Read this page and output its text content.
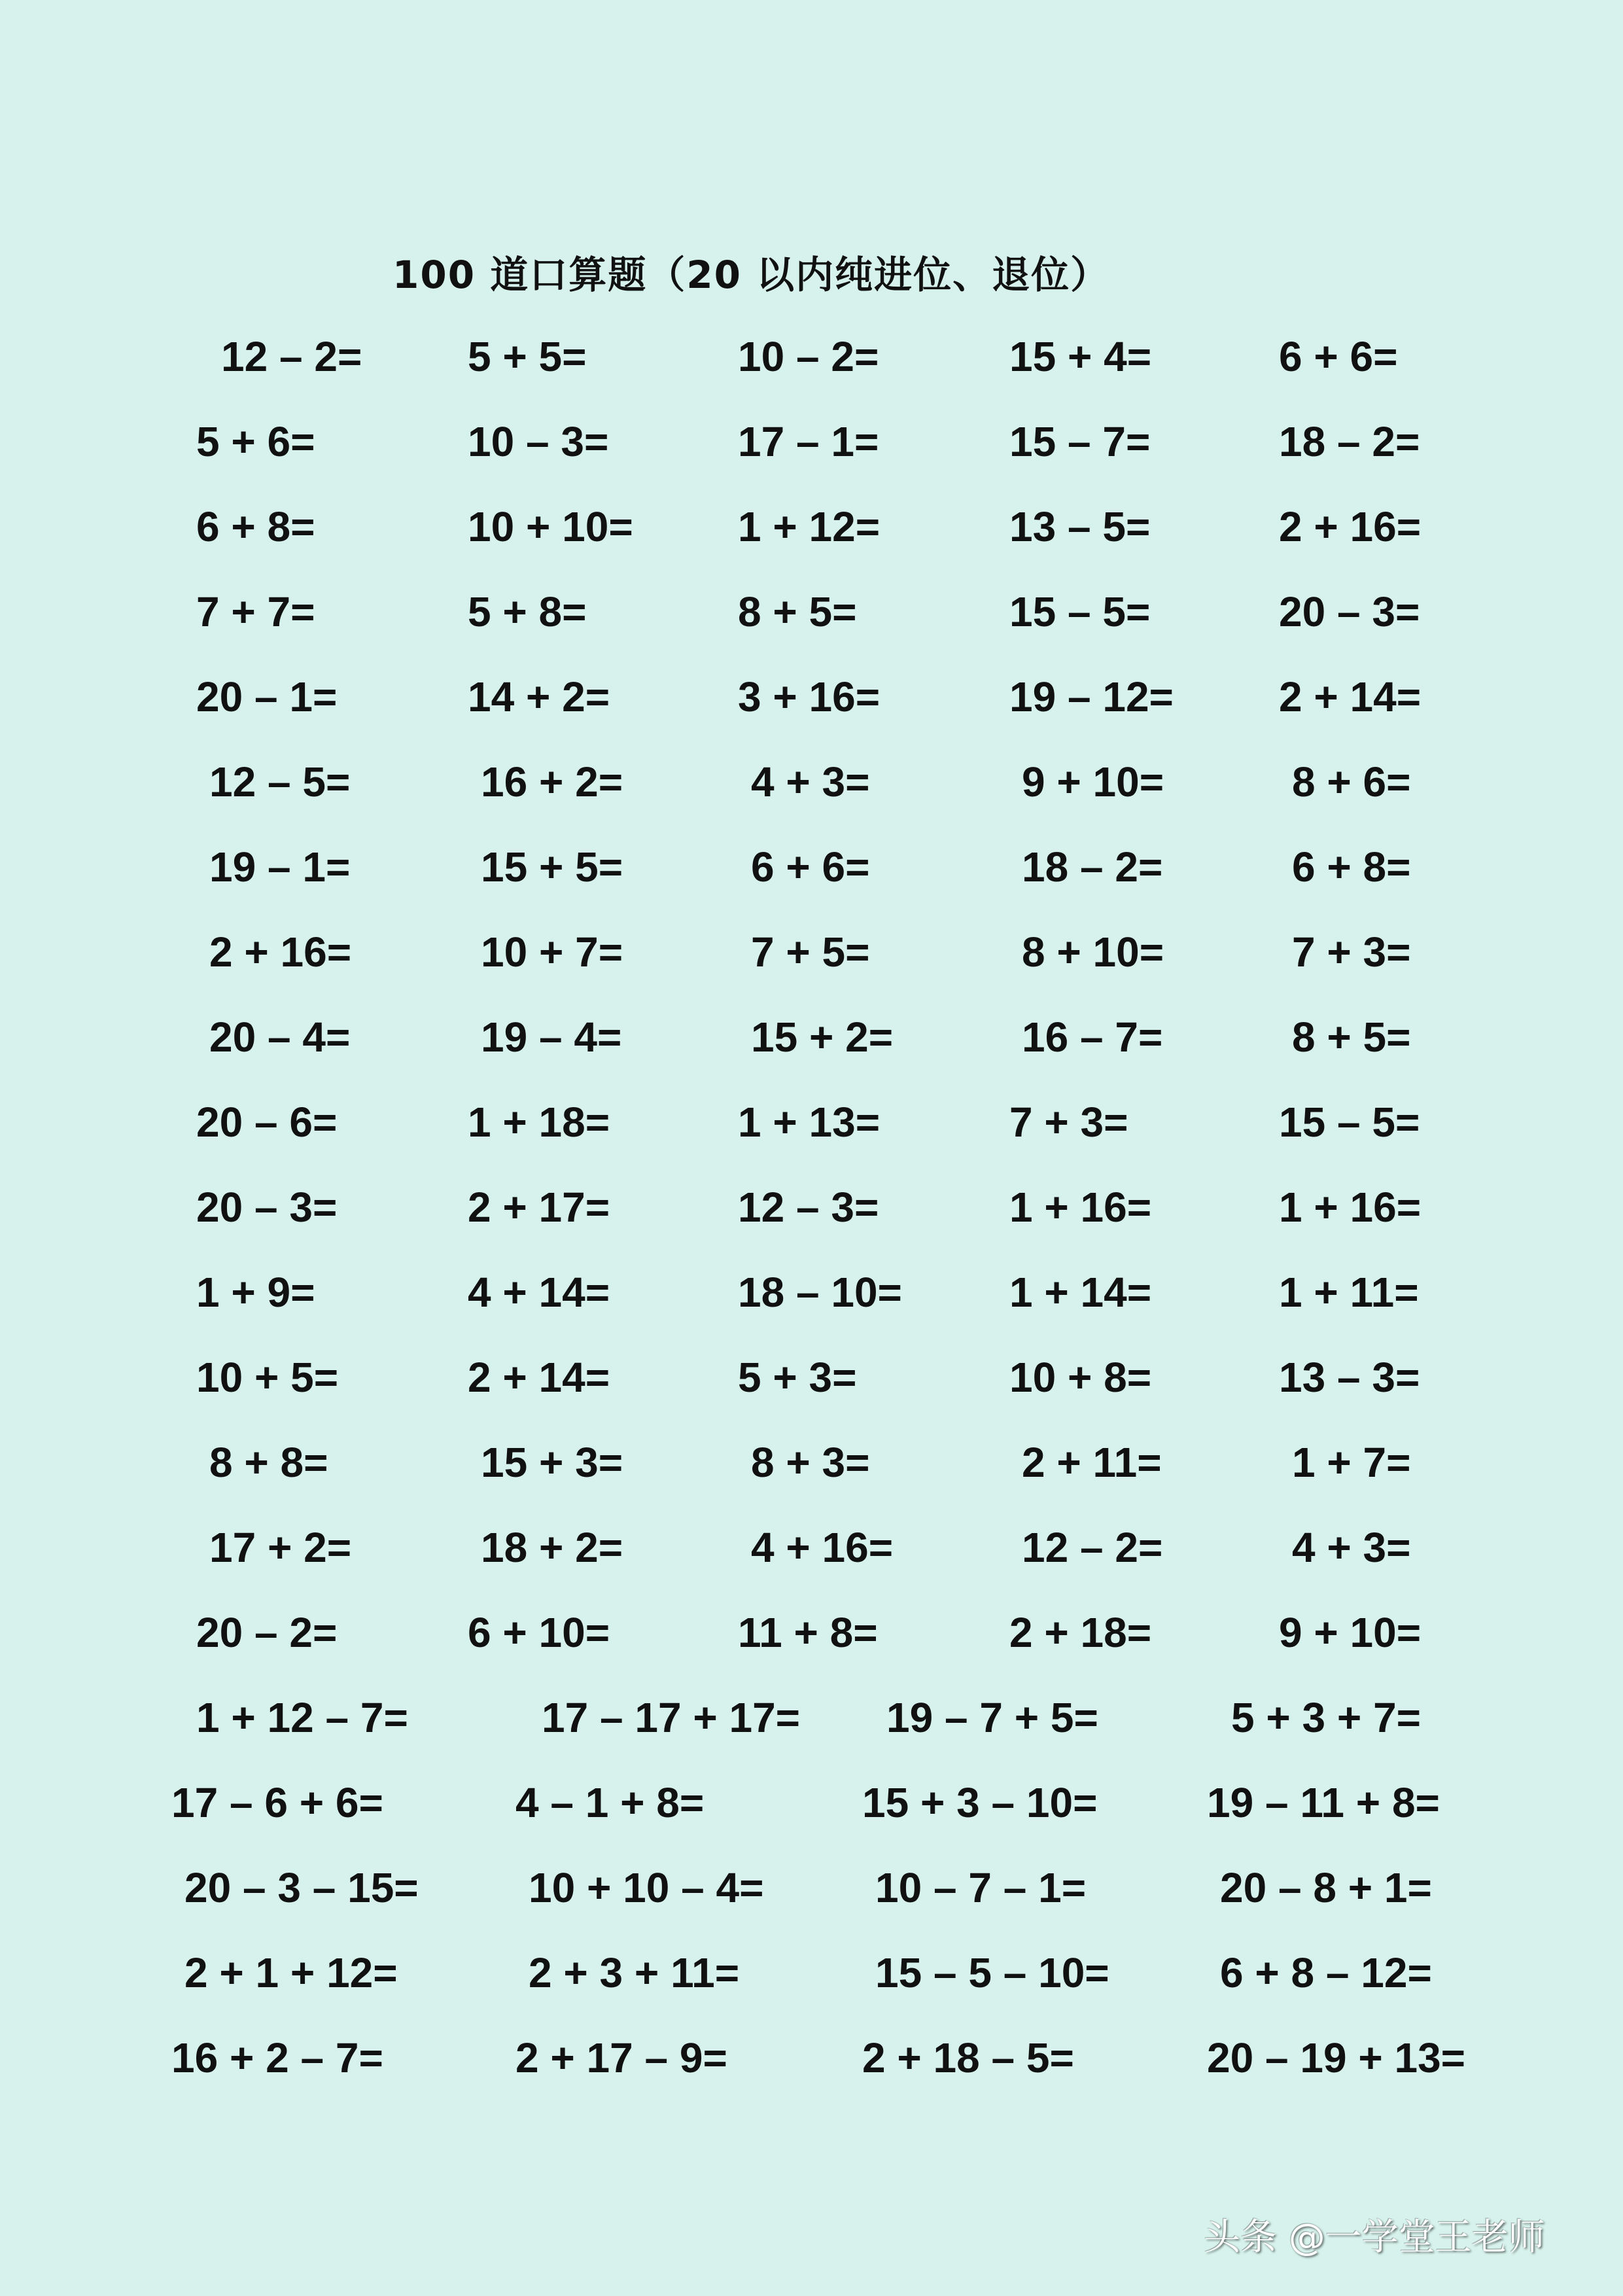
100 道口算题（20 以内纯进位、退位）
12 – 2=	5 + 5=	10 – 2=	15 + 4=	6 + 6=
5 + 6=	10 – 3=	17 – 1=	15 – 7=	18 – 2=
6 + 8=	10 + 10=	1 + 12=	13 – 5=	2 + 16=
7 + 7=	5 + 8=	8 + 5=	15 – 5=	20 – 3=
20 – 1=	14 + 2=	3 + 16=	19 – 12=	2 + 14=
12 – 5=	16 + 2=	4 + 3=	9 + 10=	8 + 6=
19 – 1=	15 + 5=	6 + 6=	18 – 2=	6 + 8=
2 + 16=	10 + 7=	7 + 5=	8 + 10=	7 + 3=
20 – 4=	19 – 4=	15 + 2=	16 – 7=	8 + 5=
20 – 6=	1 + 18=	1 + 13=	7 + 3=	15 – 5=
20 – 3=	2 + 17=	12 – 3=	1 + 16=	1 + 16=
1 + 9=	4 + 14=	18 – 10=	1 + 14=	1 + 11=
10 + 5=	2 + 14=	5 + 3=	10 + 8=	13 – 3=
8 + 8=	15 + 3=	8 + 3=	2 + 11=	1 + 7=
17 + 2=	18 + 2=	4 + 16=	12 – 2=	4 + 3=
20 – 2=	6 + 10=	11 + 8=	2 + 18=	9 + 10=
1 + 12 – 7=	17 – 17 + 17= 19 – 7 + 5=	5 + 3 + 7=
17 – 6 + 6=	4 – 1 + 8=	15 + 3 – 10=	19 – 11 + 8=
20 – 3 – 15=	10 + 10 – 4=	10 – 7 – 1=	20 – 8 + 1=
2 + 1 + 12=	2 + 3 + 11=	15 – 5 – 10=	6 + 8 – 12=
16 + 2 – 7=	2 + 17 – 9=	2 + 18 – 5=	20 – 19 + 13=
头条 @一学堂王老师
